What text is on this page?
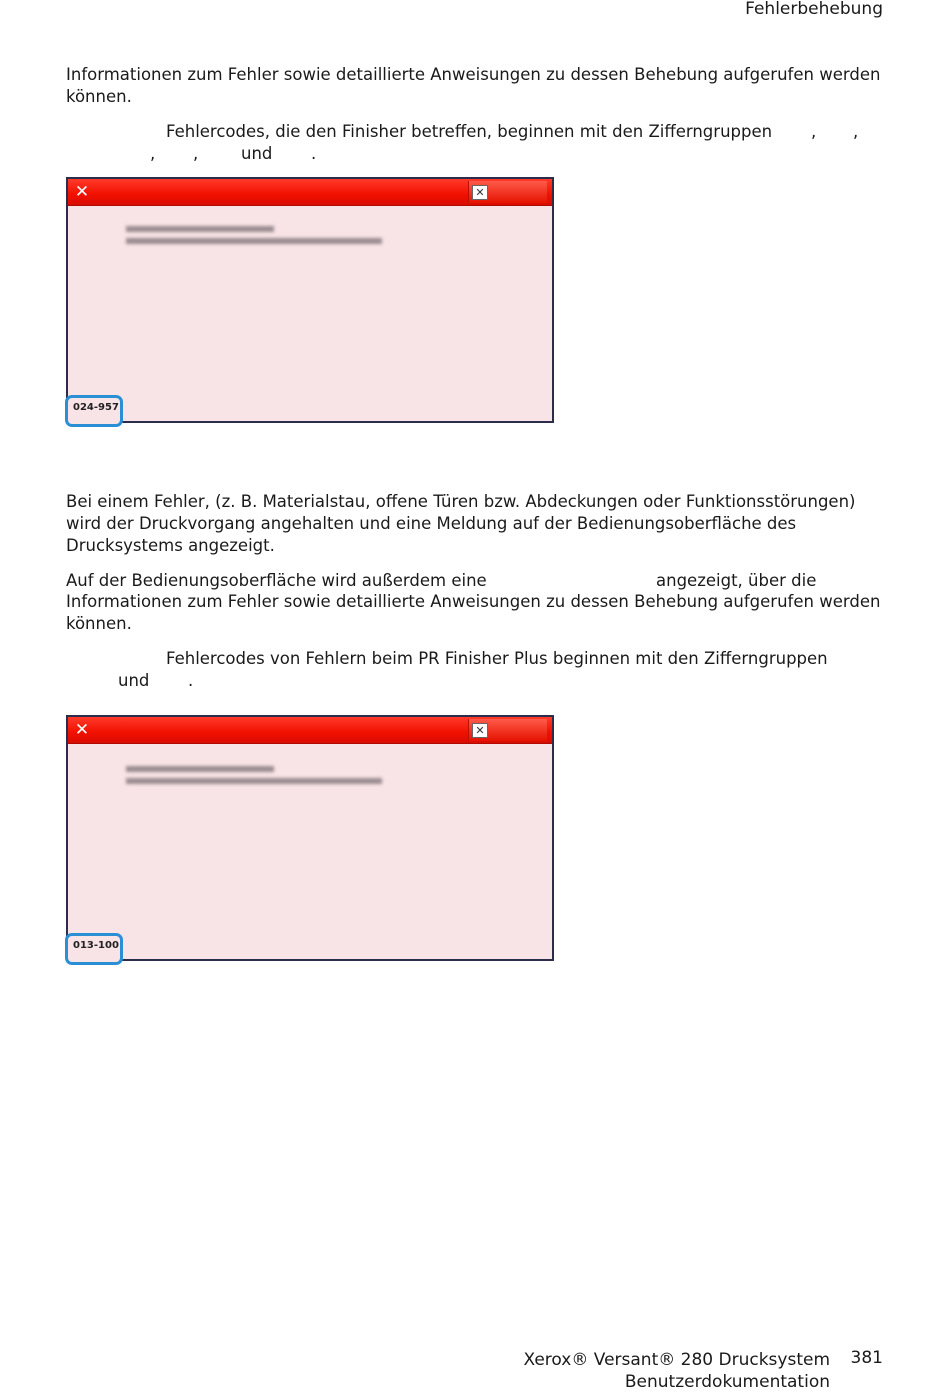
Fehlerbehebung
Informationen zum Fehler sowie detaillierte Anweisungen zu dessen Behebung aufgerufen werden
können.
Fehlercodes, die den Finisher betreffen, beginnen mit den Zifferngruppen , ,
, ,	und .
✕	✕
024-957
Bei einem Fehler, (z. B. Materialstau, offene Türen bzw. Abdeckungen oder Funktionsstörungen)
wird der Druckvorgang angehalten und eine Meldung auf der Bedienungsoberfläche des
Drucksystems angezeigt.
Auf der Bedienungsoberfläche wird außerdem eine	angezeigt, über die
Informationen zum Fehler sowie detaillierte Anweisungen zu dessen Behebung aufgerufen werden
können.
Fehlercodes von Fehlern beim PR Finisher Plus beginnen mit den Zifferngruppen
und .
✕	✕
013-100
Xerox® Versant® 280 Drucksystem
Benutzerdokumentation
381
